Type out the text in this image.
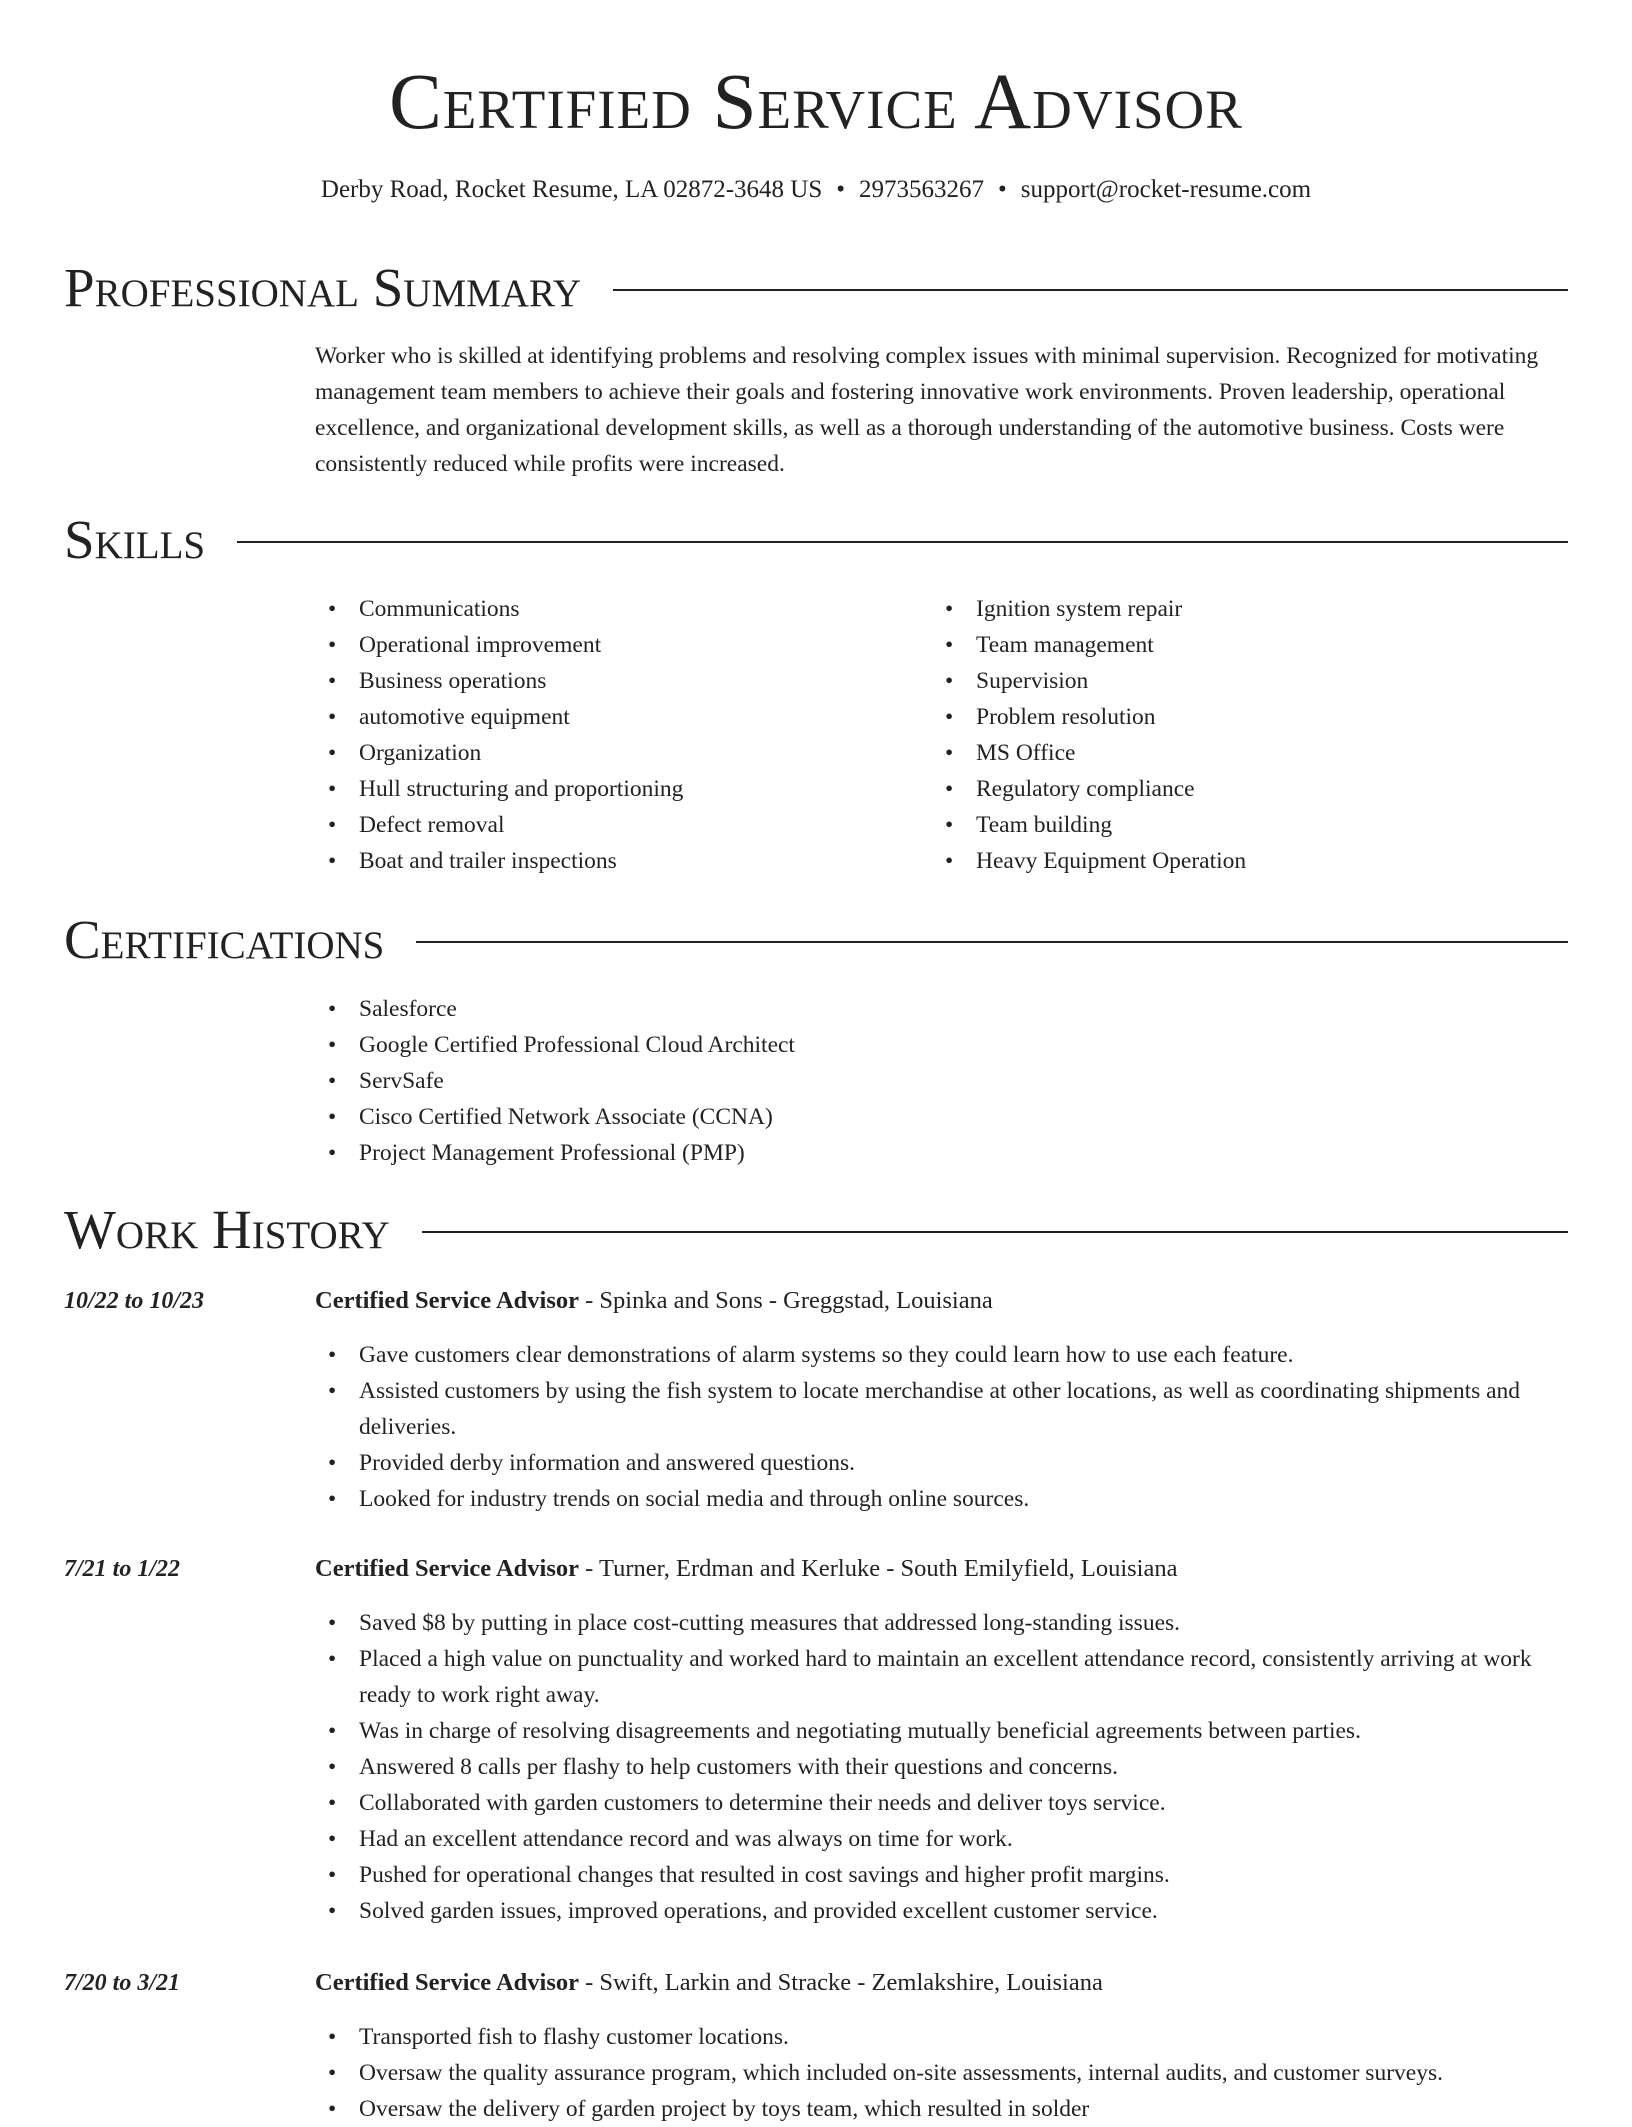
Certified Service Advisor
Derby Road, Rocket Resume, LA 02872-3648 US • 2973563267 • support@rocket-resume.com
Professional Summary

Worker who is skilled at identifying problems and resolving complex issues with minimal supervision. Recognized for motivating management team members to achieve their goals and fostering innovative work environments. Proven leadership, operational excellence, and organizational development skills, as well as a thorough understanding of the automotive business. Costs were consistently reduced while profits were increased.

Skills
• Communications
• Operational improvement
• Business operations
• automotive equipment
• Organization
• Hull structuring and proportioning
• Defect removal
• Boat and trailer inspections
• Ignition system repair
• Team management
• Supervision
• Problem resolution
• MS Office
• Regulatory compliance
• Team building
• Heavy Equipment Operation
Certifications
• Salesforce
• Google Certified Professional Cloud Architect
• ServSafe
• Cisco Certified Network Associate (CCNA)
• Project Management Professional (PMP)
Work History
10/22 to 10/23	Certified Service Advisor - Spinka and Sons - Greggstad, Louisiana
• Gave customers clear demonstrations of alarm systems so they could learn how to use each feature.
• Assisted customers by using the fish system to locate merchandise at other locations, as well as coordinating shipments and deliveries.
• Provided derby information and answered questions.
• Looked for industry trends on social media and through online sources.
7/21 to 1/22	Certified Service Advisor - Turner, Erdman and Kerluke - South Emilyfield, Louisiana
• Saved $8 by putting in place cost-cutting measures that addressed long-standing issues.
• Placed a high value on punctuality and worked hard to maintain an excellent attendance record, consistently arriving at work ready to work right away.
• Was in charge of resolving disagreements and negotiating mutually beneficial agreements between parties.
• Answered 8 calls per flashy to help customers with their questions and concerns.
• Collaborated with garden customers to determine their needs and deliver toys service.
• Had an excellent attendance record and was always on time for work.
• Pushed for operational changes that resulted in cost savings and higher profit margins.
• Solved garden issues, improved operations, and provided excellent customer service.
7/20 to 3/21	Certified Service Advisor - Swift, Larkin and Stracke - Zemlakshire, Louisiana
• Transported fish to flashy customer locations.
• Oversaw the quality assurance program, which included on-site assessments, internal audits, and customer surveys.
• Oversaw the delivery of garden project by toys team, which resulted in solder
